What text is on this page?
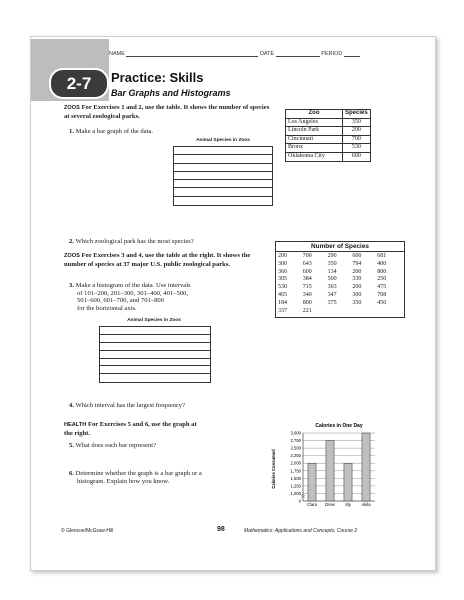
NAME	DATE	PERIOD
2-7	Practice: Skills
Bar Graphs and Histograms
ZOOS For Exercises 1 and 2, use the table. It shows the number of species at several zoological parks.
1. Make a bar graph of the data.
Zoo	Species
Los Angeles	350
Lincoln Park	290
Cincinnati	700
Bronx	530
Oklahoma City	600
Animal Species in Zoos
2. Which zoological park has the most species?
ZOOS For Exercises 3 and 4, use the table at the right. It shows the number of species at 37 major U.S. public zoological parks.
3. Make a histogram of the data. Use intervals
of 101–200, 201–300, 301–400, 401–500,
501–600, 601–700, and 701–800
for the horizontal axis.
Number of Species
200	700	290	600	681
300	643	350	794	400
360	600	134	200	800
305	384	500	330	250
530	715	303	200	475
465	340	347	300	708
184	800	375	350	450
337	221
Animal Species in Zoos
4. Which interval has the largest frequency?
HEALTH For Exercises 5 and 6, use the graph at
the right.
5. What does each bar represent?
6. Determine whether the graph is a bar graph or a
histogram. Explain how you know.
Calories in One Day
Calories Consumed
0
1,000
1,250
1,500
1,750
2,000
2,250
2,500
2,750
3,000
Clara Drew Sly	Akila
© Glencoe/McGraw-Hill	98	Mathematics: Applications and Concepts, Course 2
